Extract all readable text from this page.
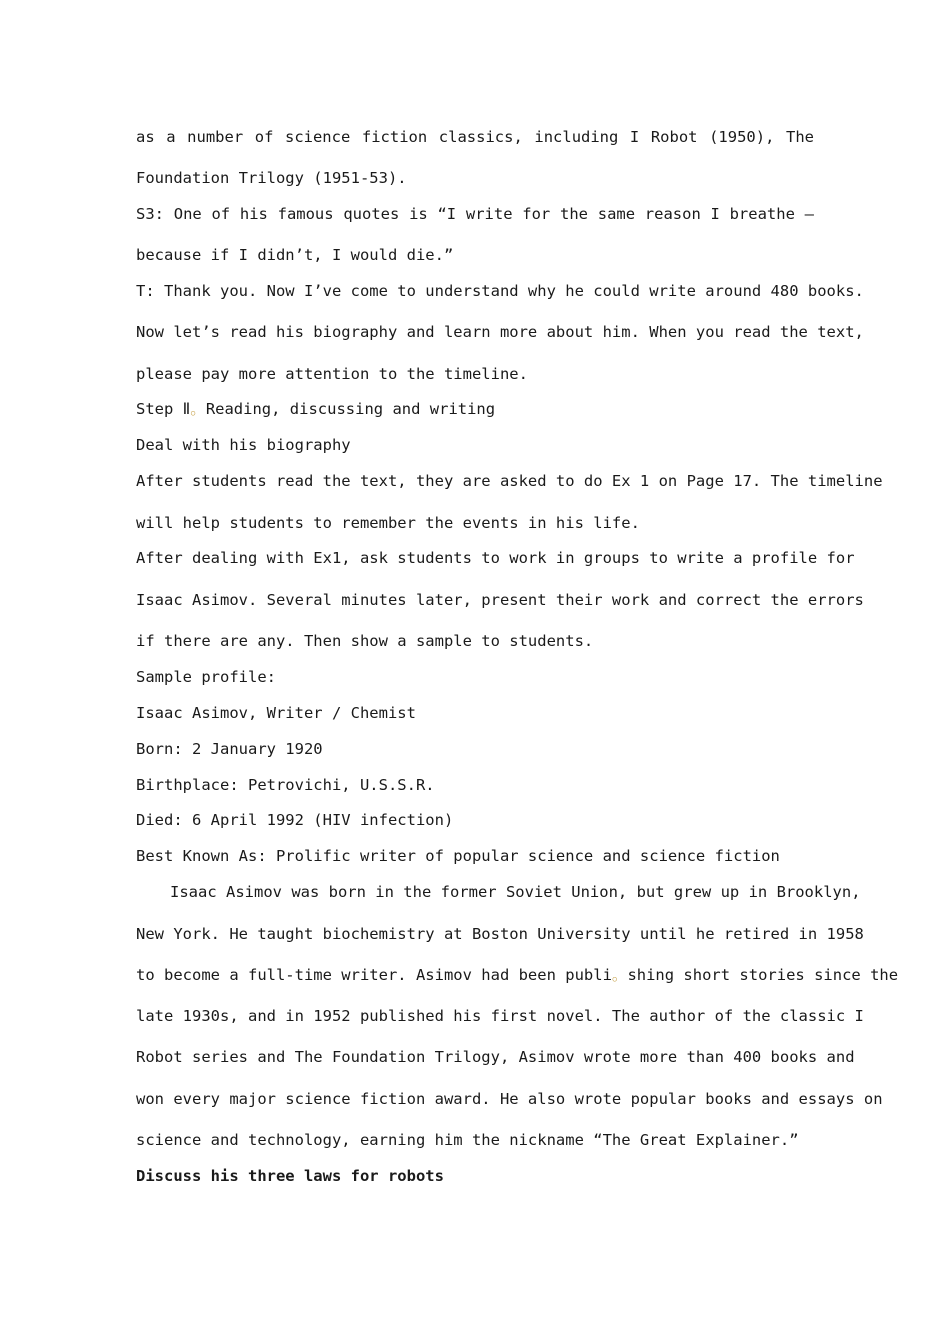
as a number of science fiction classics, including I Robot (1950), The
Foundation Trilogy (1951-53).
S3: One of his famous quotes is “I write for the same reason I breathe —
because if I didn’t, I would die.”
T: Thank you. Now I’ve come to understand why he could write around 480 books.
Now let’s read his biography and learn more about him. When you read the text,
please pay more attention to the timeline.
Step Ⅱ。Reading, discussing and writing
Deal with his biography
After students read the text, they are asked to do Ex 1 on Page 17. The timeline
will help students to remember the events in his life.
After dealing with Ex1, ask students to work in groups to write a profile for
Isaac Asimov. Several minutes later, present their work and correct the errors
if there are any. Then show a sample to students.
Sample profile:
Isaac Asimov, Writer / Chemist
Born: 2 January 1920
Birthplace: Petrovichi, U.S.S.R.
Died: 6 April 1992 (HIV infection)
Best Known As: Prolific writer of popular science and science fiction
Isaac Asimov was born in the former Soviet Union, but grew up in Brooklyn,
New York. He taught biochemistry at Boston University until he retired in 1958
to become a full-time writer. Asimov had been publi。shing short stories since the
late 1930s, and in 1952 published his first novel. The author of the classic I
Robot series and The Foundation Trilogy, Asimov wrote more than 400 books and
won every major science fiction award. He also wrote popular books and essays on
science and technology, earning him the nickname “The Great Explainer.”
Discuss his three laws for robots
